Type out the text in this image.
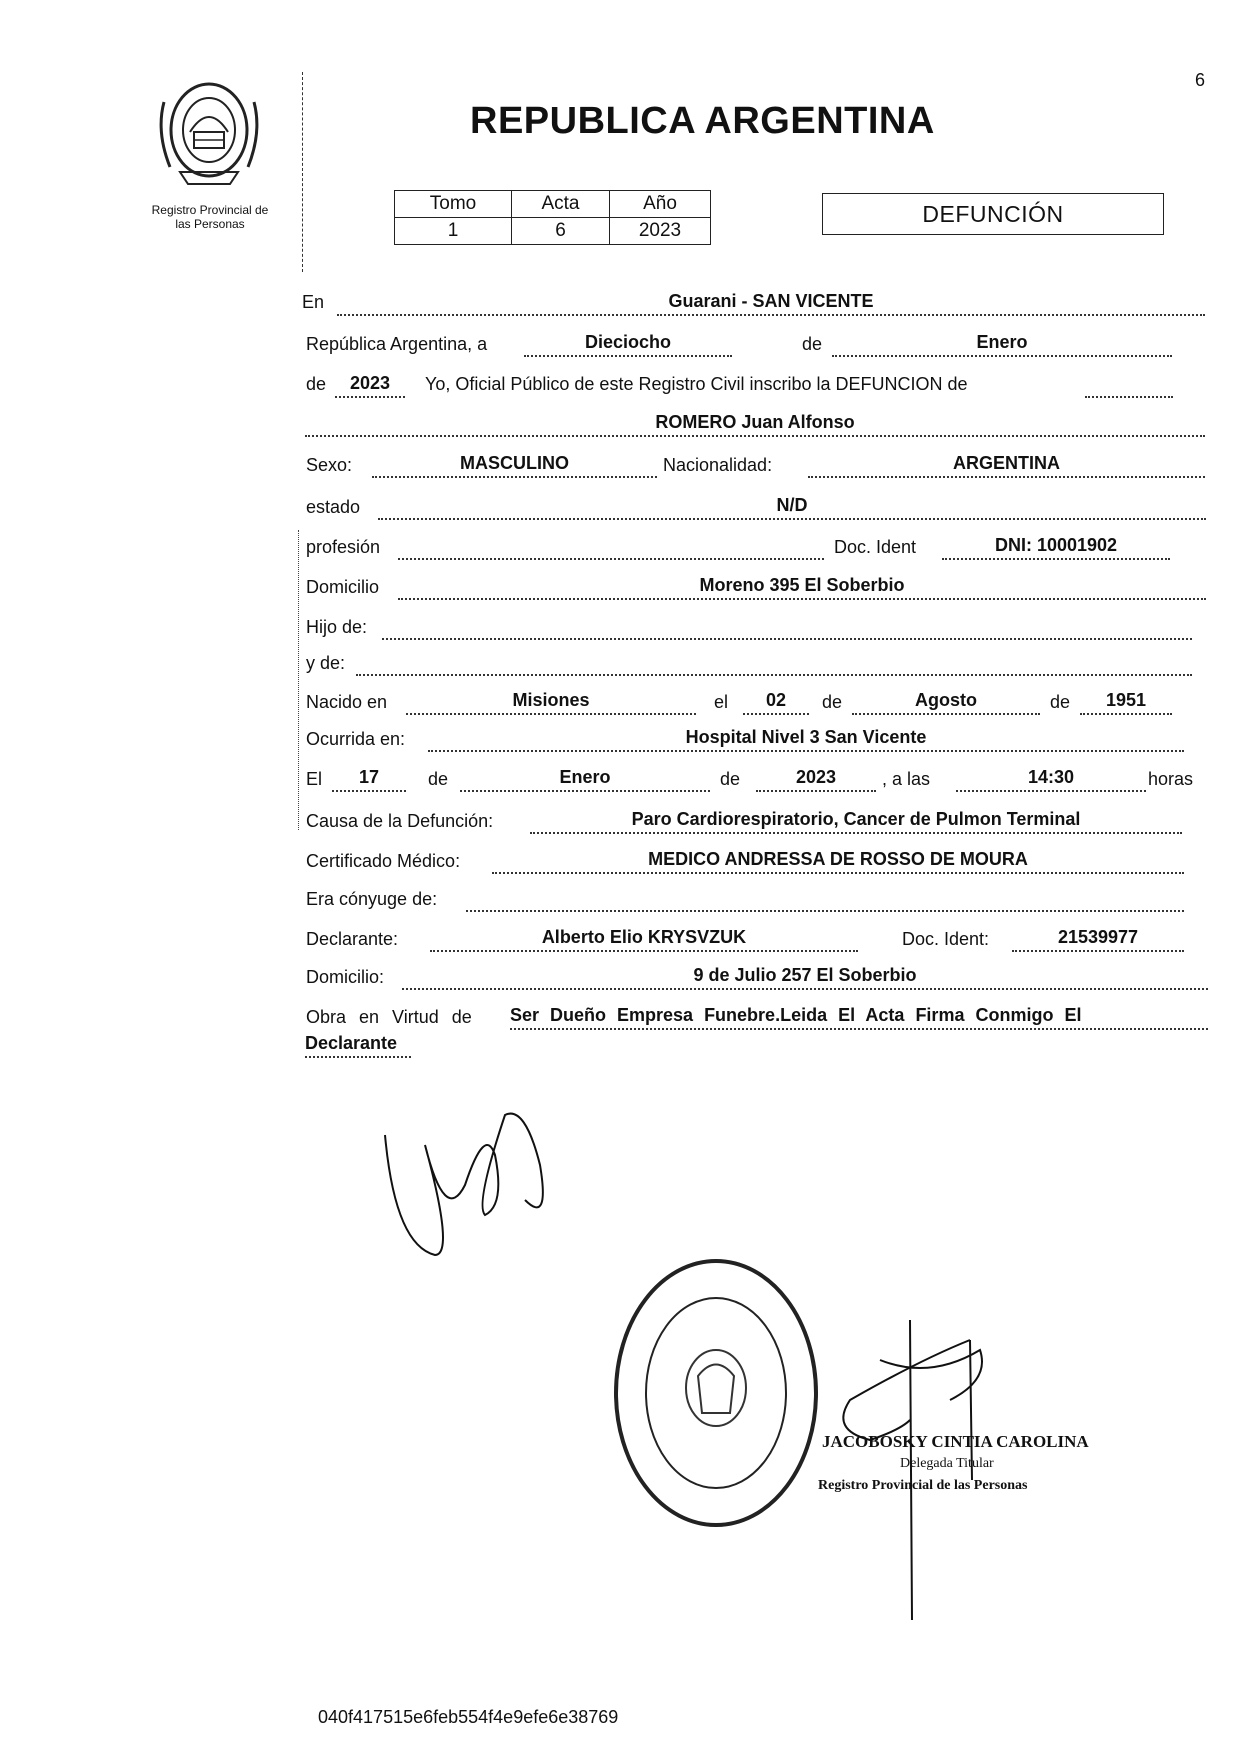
6
REPUBLICA ARGENTINA
Registro Provincial de
las Personas
Tomo	Acta	Año
1	6	2023
DEFUNCIÓN
En	Guarani - SAN VICENTE
República Argentina, a	Dieciocho	de	Enero
de	2023	Yo, Oficial Público de este Registro Civil inscribo la DEFUNCION de
ROMERO Juan Alfonso
Sexo:	MASCULINO	Nacionalidad:	ARGENTINA
estado	N/D
profesión	Doc. Ident	DNI: 10001902
Domicilio	Moreno 395 El Soberbio
Hijo de:
y de:
Nacido en	Misiones	el	02	de	Agosto	de	1951
Ocurrida en:	Hospital Nivel 3 San Vicente
El	17	de	Enero	de	2023	, a las	14:30	horas
Causa de la Defunción:	Paro Cardiorespiratorio, Cancer de Pulmon Terminal
Certificado Médico:	MEDICO ANDRESSA DE ROSSO DE MOURA
Era cónyuge de:
Declarante:	Alberto Elio KRYSVZUK	Doc. Ident:	21539977
Domicilio:	9 de Julio 257 El Soberbio
Obra en Virtud de Ser Dueño Empresa Funebre.Leida El Acta Firma Conmigo El
Declarante
JACOBOSKY CINTIA CAROLINA
Delegada Titular
Registro Provincial de las Personas
040f417515e6feb554f4e9efe6e38769
